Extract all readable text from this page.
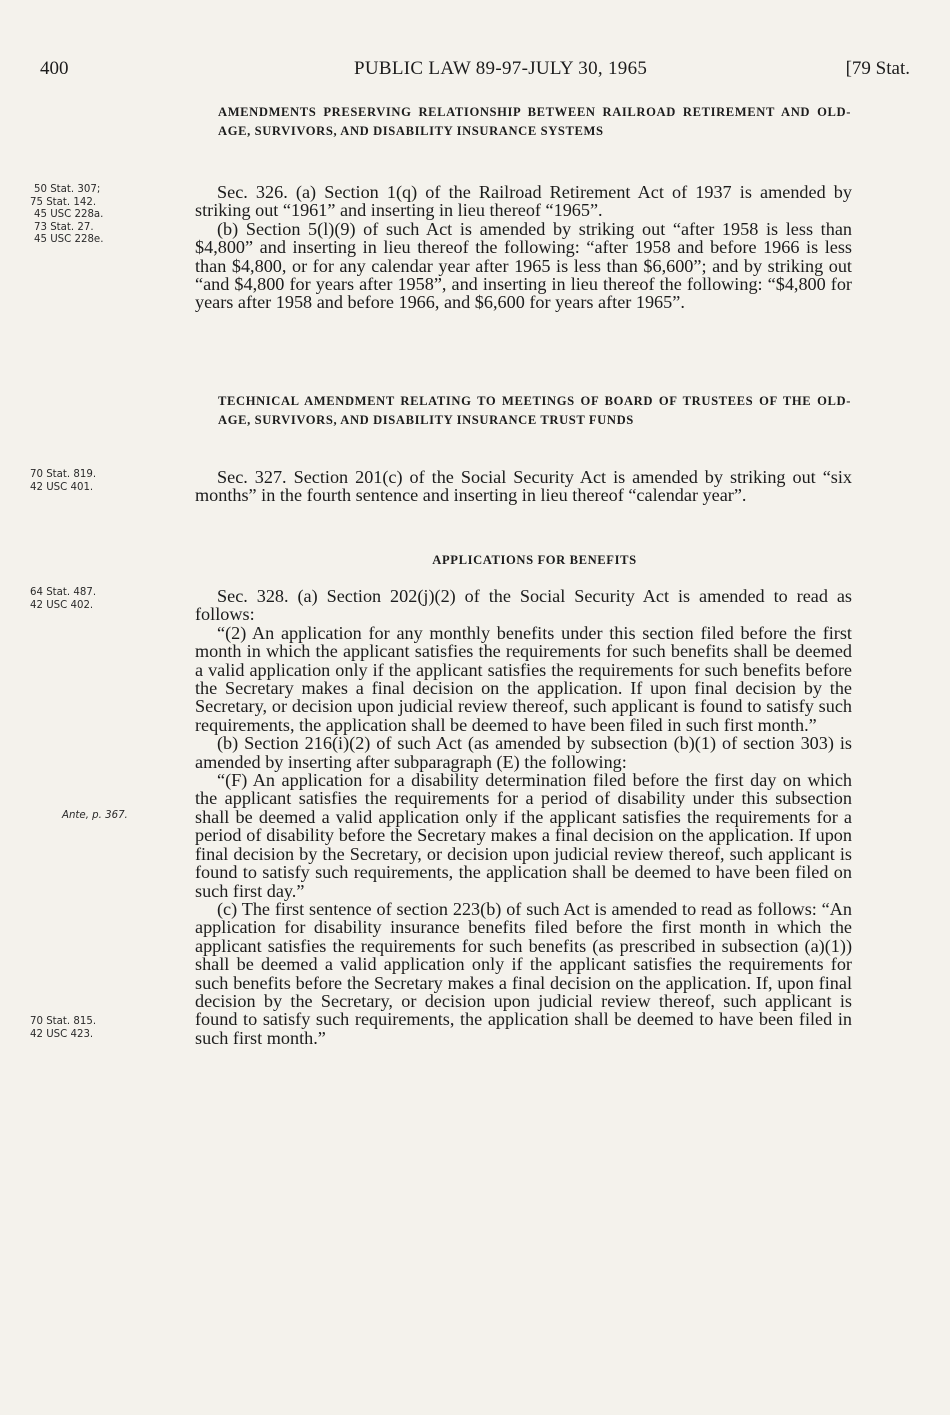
400	PUBLIC LAW 89-97-JULY 30, 1965	[79 Stat.
50 Stat. 307;
75 Stat. 142.
45 USC 228a.
73 Stat. 27.
45 USC 228e.
70 Stat. 819.
42 USC 401.
64 Stat. 487.
42 USC 402.
Ante, p. 367.
70 Stat. 815.
42 USC 423.
AMENDMENTS PRESERVING RELATIONSHIP BETWEEN RAILROAD RETIREMENT AND OLD-AGE, SURVIVORS, AND DISABILITY INSURANCE SYSTEMS
TECHNICAL AMENDMENT RELATING TO MEETINGS OF BOARD OF TRUSTEES OF THE OLD-AGE, SURVIVORS, AND DISABILITY INSURANCE TRUST FUNDS
APPLICATIONS FOR BENEFITS

Sec. 326. (a) Section 1(q) of the Railroad Retirement Act of 1937 is amended by striking out “1961” and inserting in lieu thereof “1965”.

(b) Section 5(l)(9) of such Act is amended by striking out “after 1958 is less than $4,800” and inserting in lieu thereof the following: “after 1958 and before 1966 is less than $4,800, or for any calendar year after 1965 is less than $6,600”; and by striking out “and $4,800 for years after 1958”, and inserting in lieu thereof the following: “$4,800 for years after 1958 and before 1966, and $6,600 for years after 1965”.

Sec. 327. Section 201(c) of the Social Security Act is amended by striking out “six months” in the fourth sentence and inserting in lieu thereof “calendar year”.

Sec. 328. (a) Section 202(j)(2) of the Social Security Act is amended to read as follows:

“(2) An application for any monthly benefits under this section filed before the first month in which the applicant satisfies the requirements for such benefits shall be deemed a valid application only if the applicant satisfies the requirements for such benefits before the Secretary makes a final decision on the application. If upon final decision by the Secretary, or decision upon judicial review thereof, such applicant is found to satisfy such requirements, the application shall be deemed to have been filed in such first month.”

(b) Section 216(i)(2) of such Act (as amended by subsection (b)(1) of section 303) is amended by inserting after subparagraph (E) the following:

“(F) An application for a disability determination filed before the first day on which the applicant satisfies the requirements for a period of disability under this subsection shall be deemed a valid application only if the applicant satisfies the requirements for a period of disability before the Secretary makes a final decision on the application. If upon final decision by the Secretary, or decision upon judicial review thereof, such applicant is found to satisfy such requirements, the application shall be deemed to have been filed on such first day.”

(c) The first sentence of section 223(b) of such Act is amended to read as follows: “An application for disability insurance benefits filed before the first month in which the applicant satisfies the requirements for such benefits (as prescribed in subsection (a)(1)) shall be deemed a valid application only if the applicant satisfies the requirements for such benefits before the Secretary makes a final decision on the application. If, upon final decision by the Secretary, or decision upon judicial review thereof, such applicant is found to satisfy such requirements, the application shall be deemed to have been filed in such first month.”
